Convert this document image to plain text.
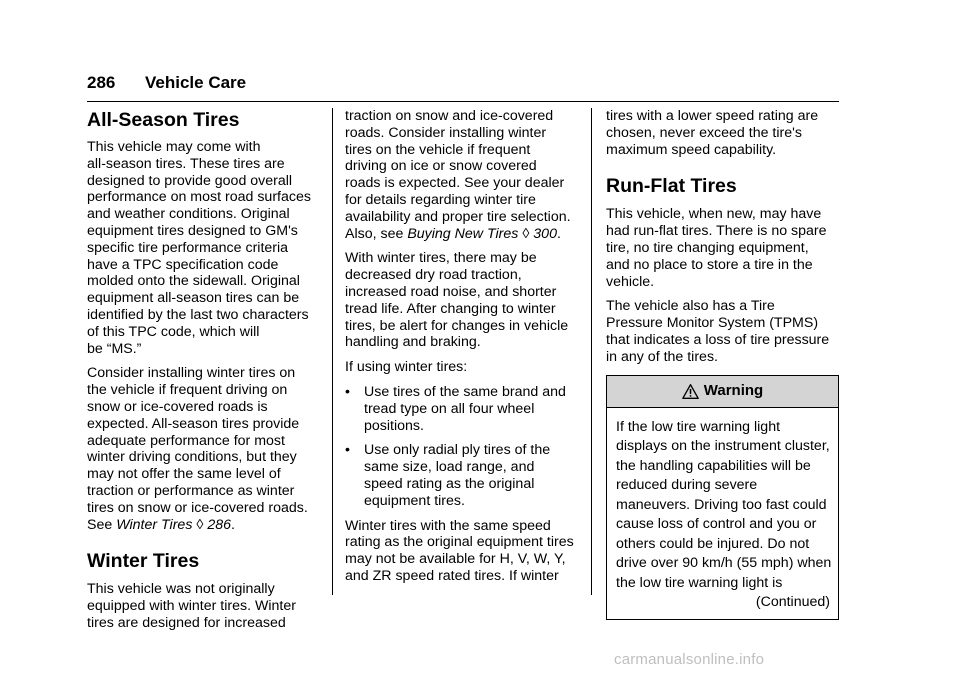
286 Vehicle Care
All-Season Tires

This vehicle may come with
all-season tires. These tires are
designed to provide good overall
performance on most road surfaces
and weather conditions. Original
equipment tires designed to GM's
specific tire performance criteria
have a TPC specification code
molded onto the sidewall. Original
equipment all-season tires can be
identified by the last two characters
of this TPC code, which will
be “MS.”

Consider installing winter tires on
the vehicle if frequent driving on
snow or ice-covered roads is
expected. All-season tires provide
adequate performance for most
winter driving conditions, but they
may not offer the same level of
traction or performance as winter
tires on snow or ice-covered roads.
See Winter Tires ◊ 286.

Winter Tires

This vehicle was not originally
equipped with winter tires. Winter
tires are designed for increased

traction on snow and ice-covered
roads. Consider installing winter
tires on the vehicle if frequent
driving on ice or snow covered
roads is expected. See your dealer
for details regarding winter tire
availability and proper tire selection.
Also, see Buying New Tires ◊ 300.

With winter tires, there may be
decreased dry road traction,
increased road noise, and shorter
tread life. After changing to winter
tires, be alert for changes in vehicle
handling and braking.

If using winter tires:

• Use tires of the same brand and
tread type on all four wheel
positions.
• Use only radial ply tires of the
same size, load range, and
speed rating as the original
equipment tires.

Winter tires with the same speed
rating as the original equipment tires
may not be available for H, V, W, Y,
and ZR speed rated tires. If winter

tires with a lower speed rating are
chosen, never exceed the tire's
maximum speed capability.

Run-Flat Tires

This vehicle, when new, may have
had run-flat tires. There is no spare
tire, no tire changing equipment,
and no place to store a tire in the
vehicle.

The vehicle also has a Tire
Pressure Monitor System (TPMS)
that indicates a loss of tire pressure
in any of the tires.

Warning
If the low tire warning light
displays on the instrument cluster,
the handling capabilities will be
reduced during severe
maneuvers. Driving too fast could
cause loss of control and you or
others could be injured. Do not
drive over 90 km/h (55 mph) when
the low tire warning light is
(Continued)
carmanualsonline.info
